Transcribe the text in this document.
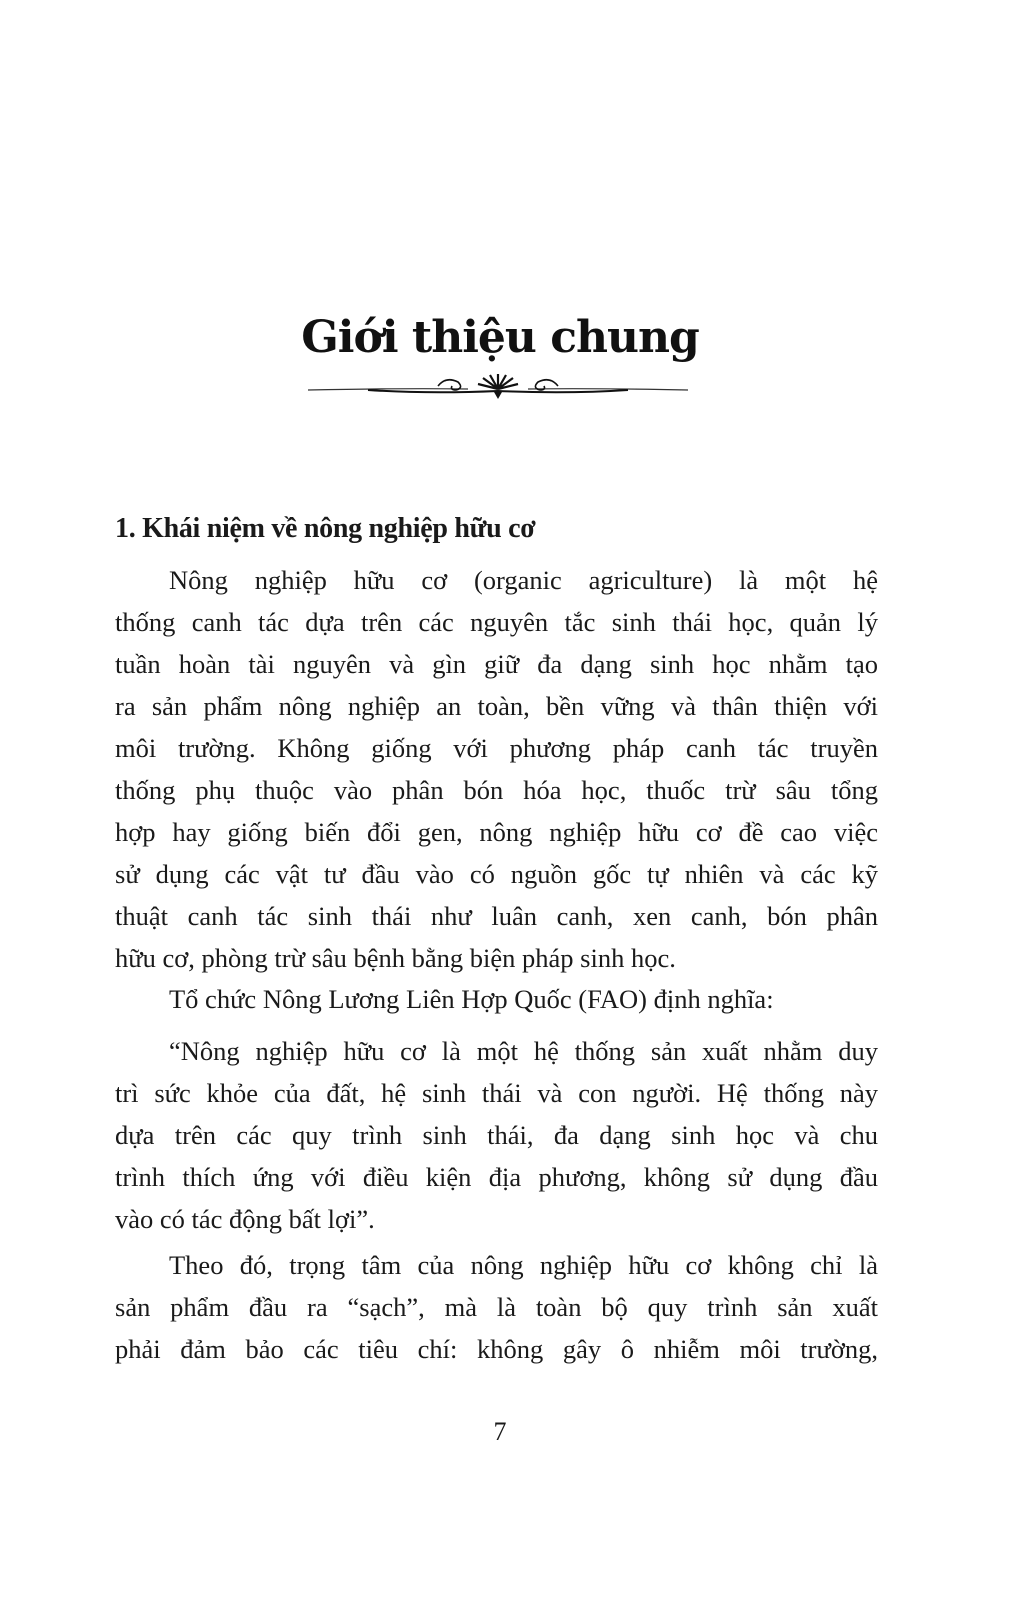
Giới thiệu chung
1. Khái niệm về nông nghiệp hữu cơ
Nông nghiệp hữu cơ (organic agriculture) là một hệ
thống canh tác dựa trên các nguyên tắc sinh thái học, quản lý
tuần hoàn tài nguyên và gìn giữ đa dạng sinh học nhằm tạo
ra sản phẩm nông nghiệp an toàn, bền vững và thân thiện với
môi trường. Không giống với phương pháp canh tác truyền
thống phụ thuộc vào phân bón hóa học, thuốc trừ sâu tổng
hợp hay giống biến đổi gen, nông nghiệp hữu cơ đề cao việc
sử dụng các vật tư đầu vào có nguồn gốc tự nhiên và các kỹ
thuật canh tác sinh thái như luân canh, xen canh, bón phân
hữu cơ, phòng trừ sâu bệnh bằng biện pháp sinh học.
Tổ chức Nông Lương Liên Hợp Quốc (FAO) định nghĩa:
“Nông nghiệp hữu cơ là một hệ thống sản xuất nhằm duy
trì sức khỏe của đất, hệ sinh thái và con người. Hệ thống này
dựa trên các quy trình sinh thái, đa dạng sinh học và chu
trình thích ứng với điều kiện địa phương, không sử dụng đầu
vào có tác động bất lợi”.
Theo đó, trọng tâm của nông nghiệp hữu cơ không chỉ là
sản phẩm đầu ra “sạch”, mà là toàn bộ quy trình sản xuất
phải đảm bảo các tiêu chí: không gây ô nhiễm môi trường,
7
